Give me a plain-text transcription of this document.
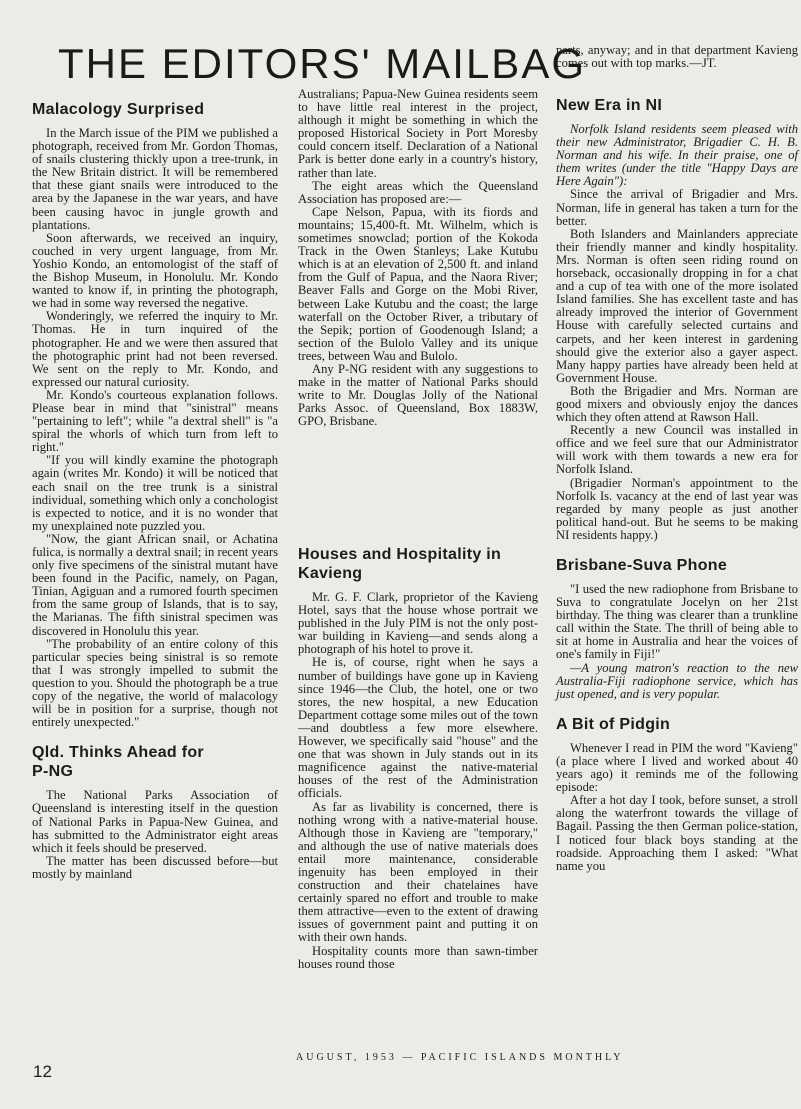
THE EDITORS' MAILBAG
Malacology Surprised

In the March issue of the PIM we published a photograph, received from Mr. Gordon Thomas, of snails clustering thickly upon a tree-trunk, in the New Britain district. It will be remembered that these giant snails were introduced to the area by the Japanese in the war years, and have been causing havoc in jungle growth and plantations.

Soon afterwards, we received an inquiry, couched in very urgent language, from Mr. Yoshio Kondo, an entomologist of the staff of the Bishop Museum, in Honolulu. Mr. Kondo wanted to know if, in printing the photograph, we had in some way reversed the negative.

Wonderingly, we referred the inquiry to Mr. Thomas. He in turn inquired of the photographer. He and we were then assured that the photographic print had not been reversed. We sent on the reply to Mr. Kondo, and expressed our natural curiosity.

Mr. Kondo's courteous explanation follows. Please bear in mind that "sinistral" means "pertaining to left"; while "a dextral shell" is "a spiral the whorls of which turn from left to right."

"If you will kindly examine the photograph again (writes Mr. Kondo) it will be noticed that each snail on the tree trunk is a sinistral individual, something which only a conchologist is expected to notice, and it is no wonder that my unexplained note puzzled you.

"Now, the giant African snail, or Achatina fulica, is normally a dextral snail; in recent years only five specimens of the sinistral mutant have been found in the Pacific, namely, on Pagan, Tinian, Agiguan and a rumored fourth specimen from the same group of Islands, that is to say, the Marianas. The fifth sinistral specimen was discovered in Honolulu this year.

"The probability of an entire colony of this particular species being sinistral is so remote that I was strongly impelled to submit the question to you. Should the photograph be a true copy of the negative, the world of malacology will be in position for a surprise, though not entirely unexpected."

Qld. Thinks Ahead for P-NG

The National Parks Association of Queensland is interesting itself in the question of National Parks in Papua-New Guinea, and has submitted to the Administrator eight areas which it feels should be preserved.

The matter has been discussed before—but mostly by mainland

Australians; Papua-New Guinea residents seem to have little real interest in the project, although it might be something in which the proposed Historical Society in Port Moresby could concern itself. Declaration of a National Park is better done early in a country's history, rather than late.

The eight areas which the Queensland Association has proposed are:—

Cape Nelson, Papua, with its fiords and mountains; 15,400-ft. Mt. Wilhelm, which is sometimes snowclad; portion of the Kokoda Track in the Owen Stanleys; Lake Kutubu which is at an elevation of 2,500 ft. and inland from the Gulf of Papua, and the Naora River; Beaver Falls and Gorge on the Mobi River, between Lake Kutubu and the coast; the large waterfall on the October River, a tributary of the Sepik; portion of Goodenough Island; a section of the Bulolo Valley and its unique trees, between Wau and Bulolo.

Any P-NG resident with any suggestions to make in the matter of National Parks should write to Mr. Douglas Jolly of the National Parks Assoc. of Queensland, Box 1883W, GPO, Brisbane.

Houses and Hospitality in Kavieng

Mr. G. F. Clark, proprietor of the Kavieng Hotel, says that the house whose portrait we published in the July PIM is not the only post-war building in Kavieng—and sends along a photograph of his hotel to prove it.

He is, of course, right when he says a number of buildings have gone up in Kavieng since 1946—the Club, the hotel, one or two stores, the new hospital, a new Education Department cottage some miles out of the town—and doubtless a few more elsewhere. However, we specifically said "house" and the one that was shown in July stands out in its magnificence against the native-material houses of the rest of the Administration officials.

As far as livability is concerned, there is nothing wrong with a native-material house. Although those in Kavieng are "temporary," and although the use of native materials does entail more maintenance, considerable ingenuity has been employed in their construction and their chatelaines have certainly spared no effort and trouble to make them attractive—even to the extent of drawing issues of government paint and putting it on with their own hands.

Hospitality counts more than sawn-timber houses round those

parts, anyway; and in that department Kavieng comes out with top marks.—JT.

New Era in NI

Norfolk Island residents seem pleased with their new Administrator, Brigadier C. H. B. Norman and his wife. In their praise, one of them writes (under the title "Happy Days are Here Again"):

Since the arrival of Brigadier and Mrs. Norman, life in general has taken a turn for the better.

Both Islanders and Mainlanders appreciate their friendly manner and kindly hospitality. Mrs. Norman is often seen riding round on horseback, occasionally dropping in for a chat and a cup of tea with one of the more isolated Island families. She has excellent taste and has already improved the interior of Government House with carefully selected curtains and carpets, and her keen interest in gardening should give the exterior also a gayer aspect. Many happy parties have already been held at Government House.

Both the Brigadier and Mrs. Norman are good mixers and obviously enjoy the dances which they often attend at Rawson Hall.

Recently a new Council was installed in office and we feel sure that our Administrator will work with them towards a new era for Norfolk Island.

(Brigadier Norman's appointment to the Norfolk Is. vacancy at the end of last year was regarded by many people as just another political hand-out. But he seems to be making NI residents happy.)

Brisbane-Suva Phone

"I used the new radiophone from Brisbane to Suva to congratulate Jocelyn on her 21st birthday. The thing was clearer than a trunkline call within the State. The thrill of being able to sit at home in Australia and hear the voices of one's family in Fiji!"

—A young matron's reaction to the new Australia-Fiji radiophone service, which has just opened, and is very popular.

A Bit of Pidgin

Whenever I read in PIM the word "Kavieng" (a place where I lived and worked about 40 years ago) it reminds me of the following episode:

After a hot day I took, before sunset, a stroll along the waterfront towards the village of Bagail. Passing the then German police-station, I noticed four black boys standing at the roadside. Approaching them I asked: "What name you

AUGUST, 1953 — PACIFIC ISLANDS MONTHLY
12
